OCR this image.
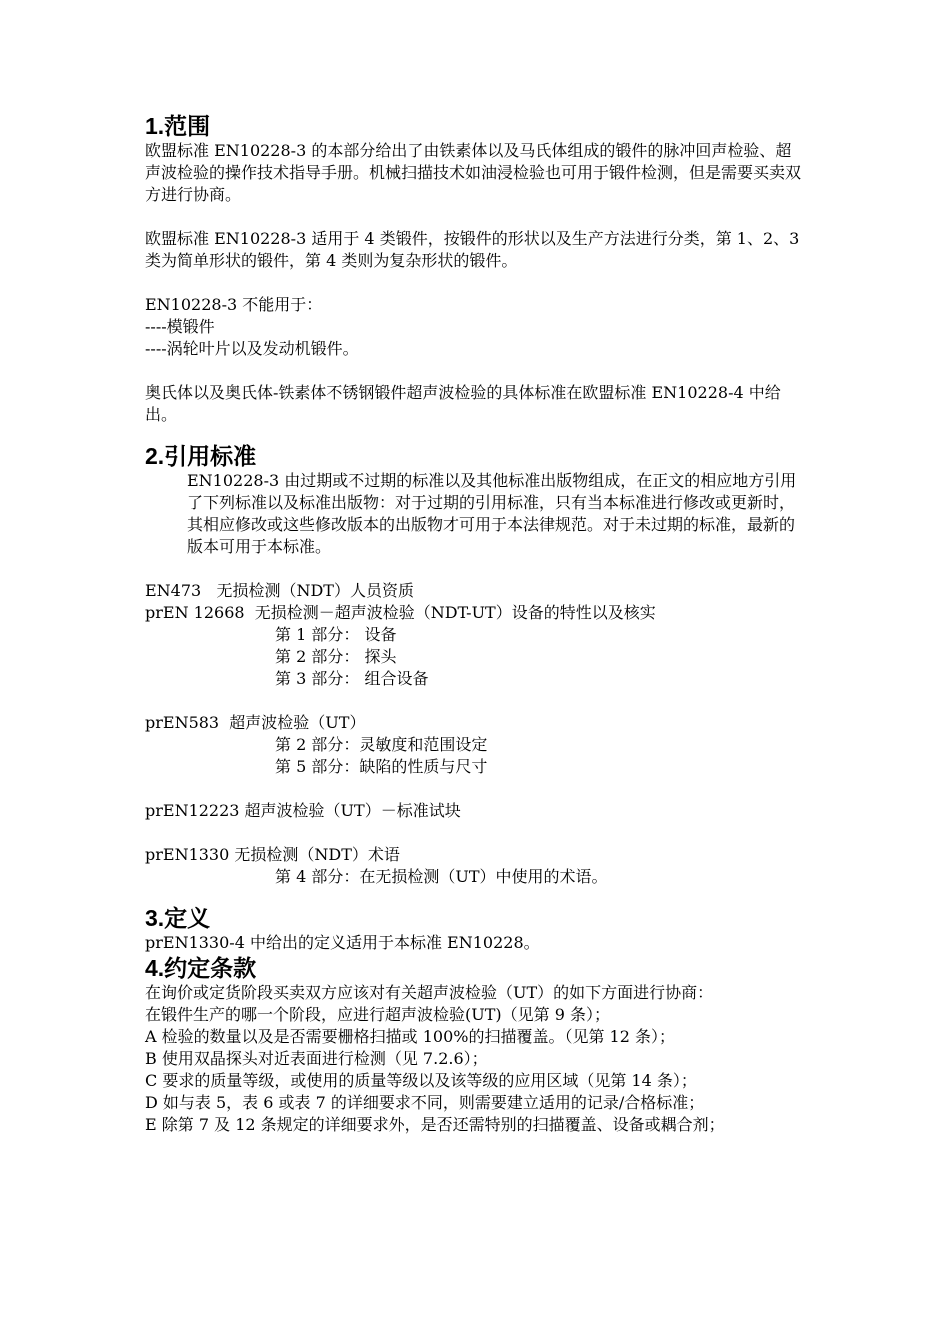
1.范围

欧盟标准 EN10228-3 的本部分给出了由铁素体以及马氏体组成的锻件的脉冲回声检验、超声波检验的操作技术指导手册。机械扫描技术如油浸检验也可用于锻件检测，但是需要买卖双方进行协商。

欧盟标准 EN10228-3 适用于 4 类锻件，按锻件的形状以及生产方法进行分类，第 1、2、3 类为简单形状的锻件，第 4 类则为复杂形状的锻件。

EN10228-3 不能用于：

----模锻件

----涡轮叶片以及发动机锻件。

奥氏体以及奥氏体-铁素体不锈钢锻件超声波检验的具体标准在欧盟标准 EN10228-4 中给出。

2.引用标准

EN10228-3 由过期或不过期的标准以及其他标准出版物组成，在正文的相应地方引用了下列标准以及标准出版物：对于过期的引用标准，只有当本标准进行修改或更新时，其相应修改或这些修改版本的出版物才可用于本法律规范。对于未过期的标准，最新的版本可用于本标准。

EN473   无损检测（NDT）人员资质

prEN 12668  无损检测－超声波检验（NDT-UT）设备的特性以及核实

第 1 部分： 设备

第 2 部分： 探头

第 3 部分： 组合设备

prEN583  超声波检验（UT）

第 2 部分：灵敏度和范围设定

第 5 部分：缺陷的性质与尺寸

prEN12223 超声波检验（UT）－标准试块

prEN1330 无损检测（NDT）术语

第 4 部分：在无损检测（UT）中使用的术语。

3.定义

prEN1330-4 中给出的定义适用于本标准 EN10228。

4.约定条款

在询价或定货阶段买卖双方应该对有关超声波检验（UT）的如下方面进行协商：

在锻件生产的哪一个阶段，应进行超声波检验(UT)（见第 9 条）；

A 检验的数量以及是否需要栅格扫描或 100%的扫描覆盖。（见第 12 条）；

B 使用双晶探头对近表面进行检测（见 7.2.6）；

C 要求的质量等级，或使用的质量等级以及该等级的应用区域（见第 14 条）；

D 如与表 5，表 6 或表 7 的详细要求不同，则需要建立适用的记录/合格标准；

E 除第 7 及 12 条规定的详细要求外，是否还需特别的扫描覆盖、设备或耦合剂；
